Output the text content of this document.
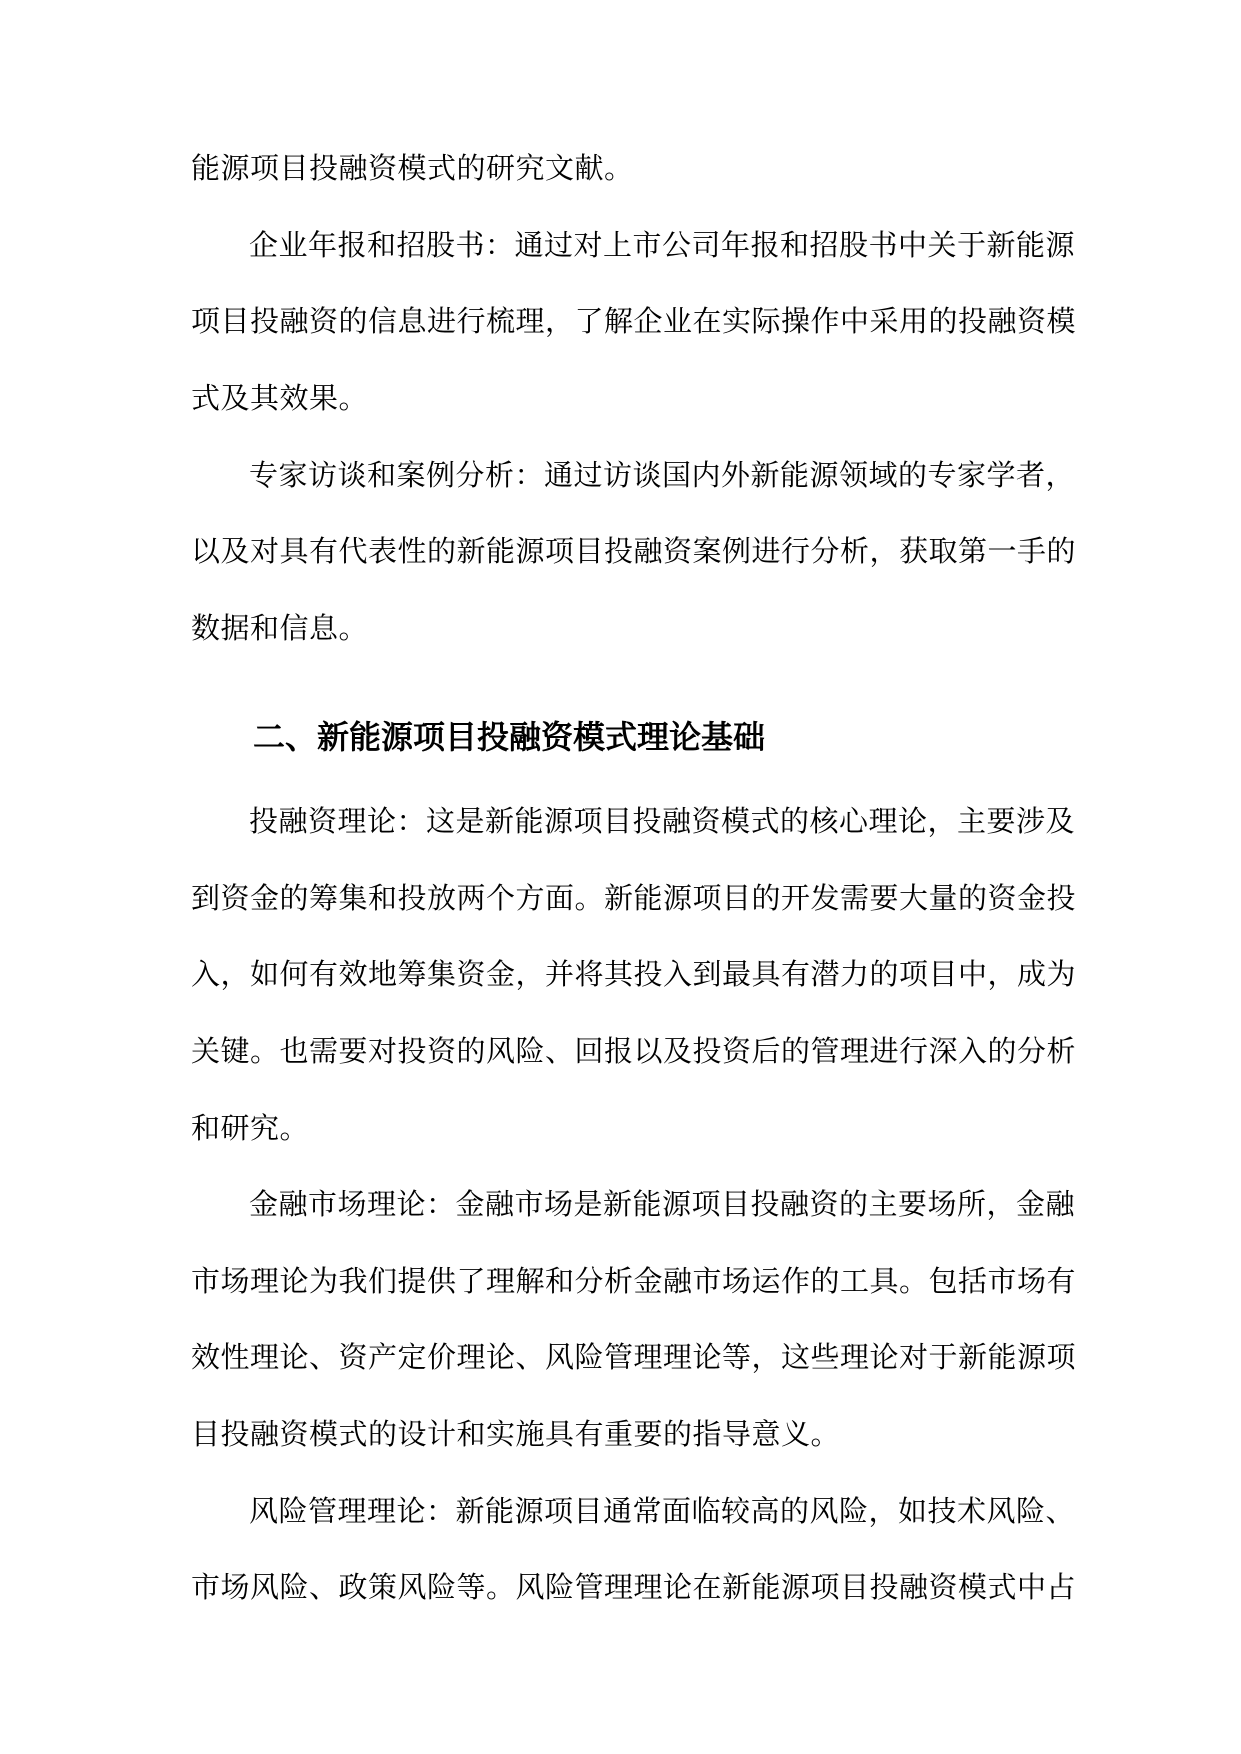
能源项目投融资模式的研究文献。
企业年报和招股书：通过对上市公司年报和招股书中关于新能源
项目投融资的信息进行梳理，了解企业在实际操作中采用的投融资模
式及其效果。
专家访谈和案例分析：通过访谈国内外新能源领域的专家学者，
以及对具有代表性的新能源项目投融资案例进行分析，获取第一手的
数据和信息。
二、新能源项目投融资模式理论基础
投融资理论：这是新能源项目投融资模式的核心理论，主要涉及
到资金的筹集和投放两个方面。新能源项目的开发需要大量的资金投
入，如何有效地筹集资金，并将其投入到最具有潜力的项目中，成为
关键。也需要对投资的风险、回报以及投资后的管理进行深入的分析
和研究。
金融市场理论：金融市场是新能源项目投融资的主要场所，金融
市场理论为我们提供了理解和分析金融市场运作的工具。包括市场有
效性理论、资产定价理论、风险管理理论等，这些理论对于新能源项
目投融资模式的设计和实施具有重要的指导意义。
风险管理理论：新能源项目通常面临较高的风险，如技术风险、
市场风险、政策风险等。风险管理理论在新能源项目投融资模式中占
